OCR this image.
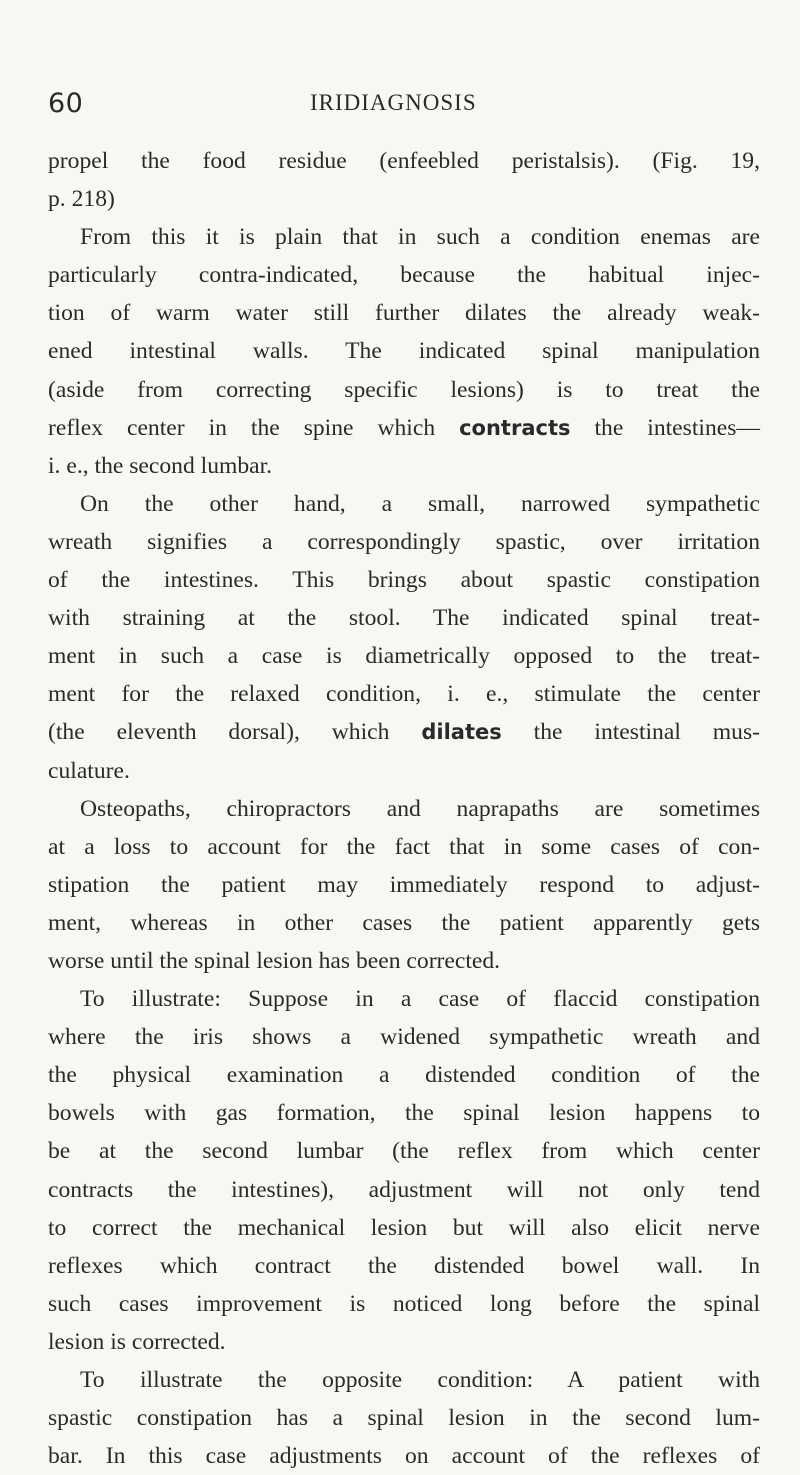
60	IRIDIAGNOSIS
propel the food residue (enfeebled peristalsis). (Fig. 19,
p. 218)
From this it is plain that in such a condition enemas are
particularly contra-indicated, because the habitual injec-
tion of warm water still further dilates the already weak-
ened intestinal walls. The indicated spinal manipulation
(aside from correcting specific lesions) is to treat the
reflex center in the spine which contracts the intestines—
i. e., the second lumbar.
On the other hand, a small, narrowed sympathetic
wreath signifies a correspondingly spastic, over irritation
of the intestines. This brings about spastic constipation
with straining at the stool. The indicated spinal treat-
ment in such a case is diametrically opposed to the treat-
ment for the relaxed condition, i. e., stimulate the center
(the eleventh dorsal), which dilates the intestinal mus-
culature.
Osteopaths, chiropractors and naprapaths are sometimes
at a loss to account for the fact that in some cases of con-
stipation the patient may immediately respond to adjust-
ment, whereas in other cases the patient apparently gets
worse until the spinal lesion has been corrected.
To illustrate: Suppose in a case of flaccid constipation
where the iris shows a widened sympathetic wreath and
the physical examination a distended condition of the
bowels with gas formation, the spinal lesion happens to
be at the second lumbar (the reflex from which center
contracts the intestines), adjustment will not only tend
to correct the mechanical lesion but will also elicit nerve
reflexes which contract the distended bowel wall. In
such cases improvement is noticed long before the spinal
lesion is corrected.
To illustrate the opposite condition: A patient with
spastic constipation has a spinal lesion in the second lum-
bar. In this case adjustments on account of the reflexes of
